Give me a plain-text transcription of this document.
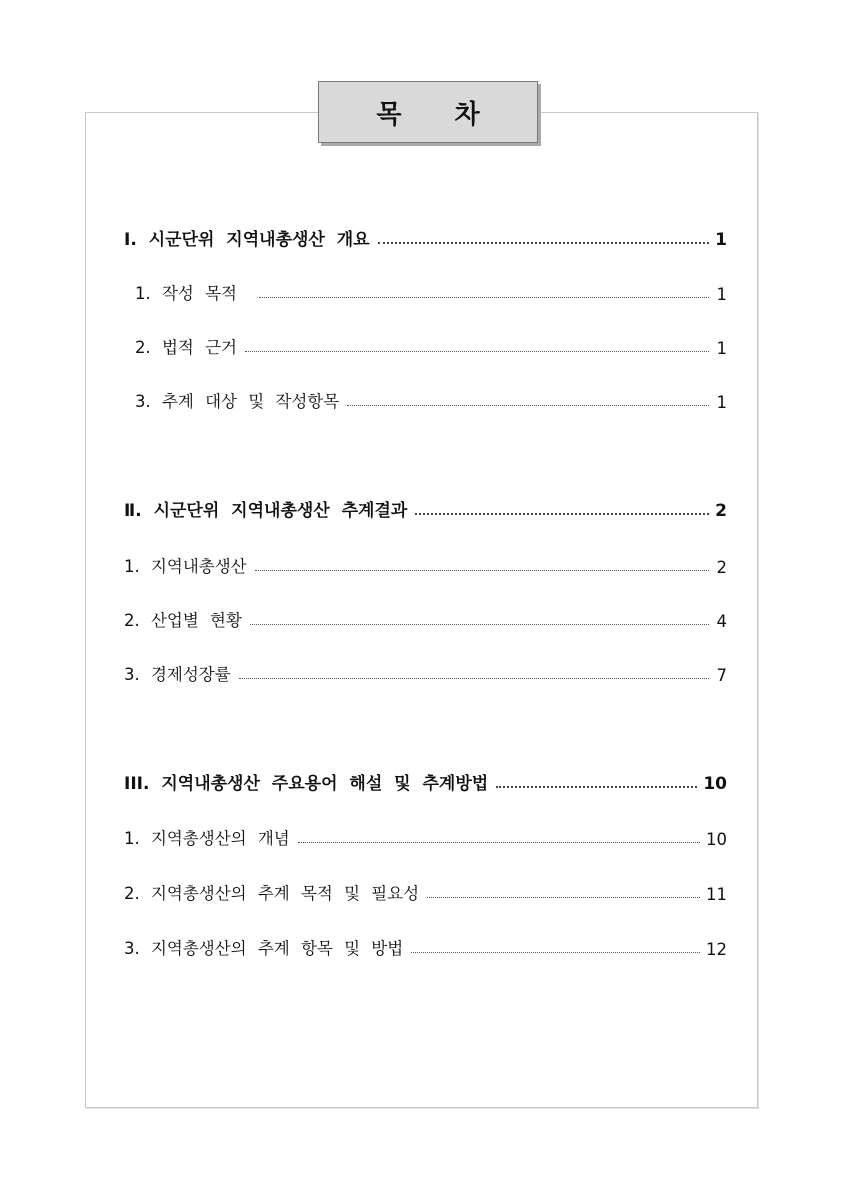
목 차
I. 시군단위 지역내총생산 개요	1
1. 작성 목적	1
2. 법적 근거	1
3. 추계 대상 및 작성항목	1
Ⅱ. 시군단위 지역내총생산 추계결과	2
1. 지역내총생산	2
2. 산업별 현황	4
3. 경제성장률	7
III. 지역내총생산 주요용어 해설 및 추계방법	10
1. 지역총생산의 개념	10
2. 지역총생산의 추계 목적 및 필요성	11
3. 지역총생산의 추계 항목 및 방법	12
